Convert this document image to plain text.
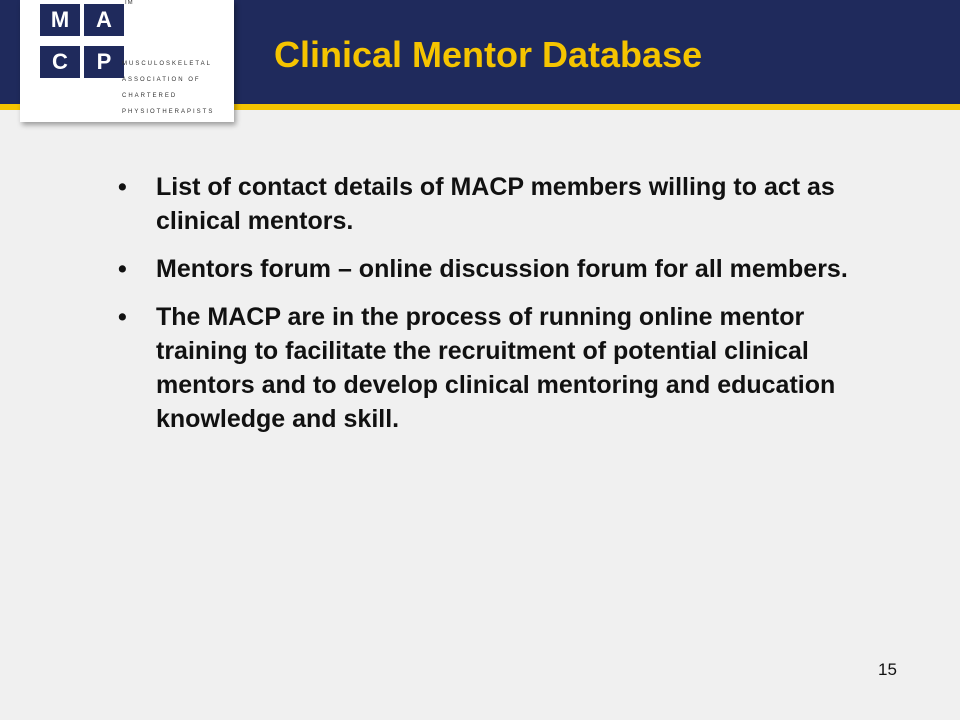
M	A
C	P
TM
MUSCULOSKELETAL
ASSOCIATION OF
CHARTERED
PHYSIOTHERAPISTS
Clinical Mentor Database
• List of contact details of MACP members willing to act as clinical mentors.
• Mentors forum – online discussion forum for all members.
• The MACP are in the process of running online mentor training to facilitate the recruitment of potential clinical mentors and to develop clinical mentoring and education knowledge and skill.
15
